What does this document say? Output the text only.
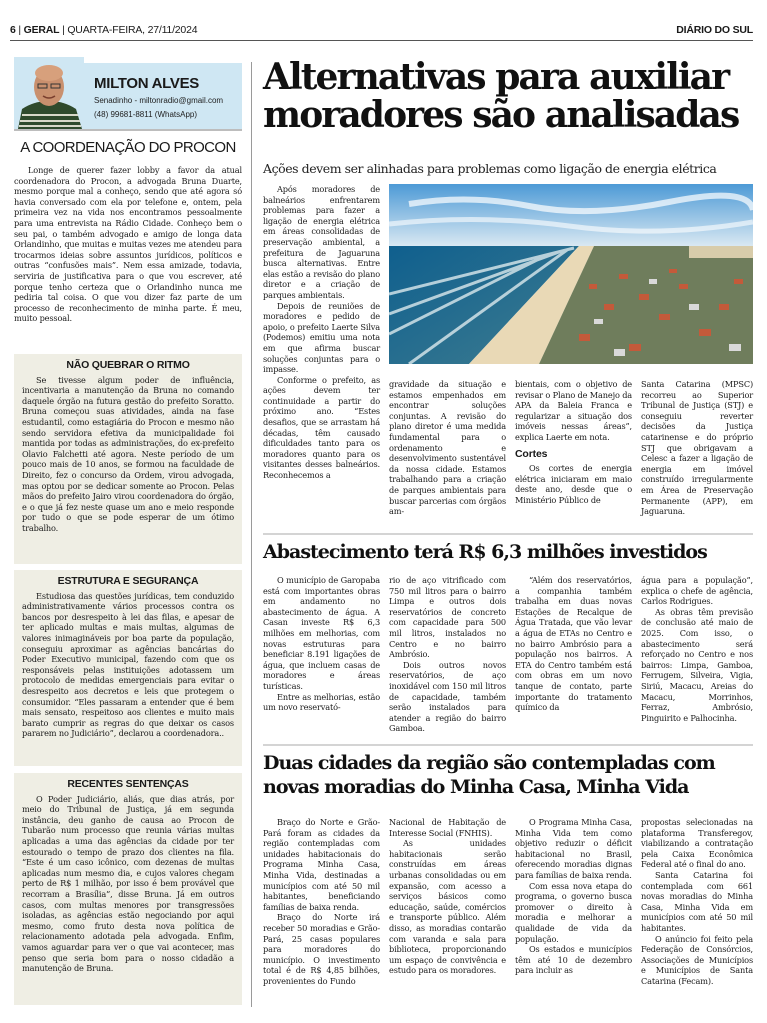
6 | GERAL | QUARTA-FEIRA, 27/11/2024	DIÁRIO DO SUL
MILTON ALVES
Senadinho - miltonradio@gmail.com
(48) 99681-8811 (WhatsApp)
A COORDENAÇÃO DO PROCON

Longe de querer fazer lobby a favor da atual coordenadora do Procon, a advogada Bruna Duarte, mesmo porque mal a conheço, sendo que até agora só havia conversado com ela por telefone e, ontem, pela primeira vez na vida nos encontramos pessoalmente para uma entrevista na Rádio Cidade. Conheço bem o seu pai, o também advogado e amigo de longa data Orlandinho, que muitas e muitas vezes me atendeu para trocarmos ideias sobre assuntos jurídicos, políticos e outras “confusões mais”. Nem essa amizade, todavia, serviria de justificativa para o que vou escrever, até porque tenho certeza que o Orlandinho nunca me pediria tal coisa. O que vou dizer faz parte de um processo de reconhecimento de minha parte. É meu, muito pessoal.

NÃO QUEBRAR O RITMO

Se tivesse algum poder de influência, incentivaria a manutenção da Bruna no comando daquele órgão na futura gestão do prefeito Soratto. Bruna começou suas atividades, ainda na fase estudantil, como estagiária do Procon e mesmo não sendo servidora efetiva da municipalidade foi mantida por todas as administrações, do ex-prefeito Olavio Falchetti até agora. Neste período de um pouco mais de 10 anos, se formou na faculdade de Direito, fez o concurso da Ordem, virou advogada, mas optou por se dedicar somente ao Procon. Pelas mãos do prefeito Jairo virou coordenadora do órgão, e o que já fez neste quase um ano e meio responde por tudo o que se pode esperar de um ótimo trabalho.

ESTRUTURA E SEGURANÇA

Estudiosa das questões jurídicas, tem conduzido administrativamente vários processos contra os bancos por desrespeito à lei das filas, e apesar de ter aplicado multas e mais multas, algumas de valores inimagináveis por boa parte da população, conseguiu aproximar as agências bancárias do Poder Executivo municipal, fazendo com que os responsáveis pelas instituições adotassem um protocolo de medidas emergenciais para evitar o desrespeito aos decretos e leis que protegem o consumidor. “Eles passaram a entender que é bem mais sensato, respeitoso aos clientes e muito mais barato cumprir as regras do que deixar os casos pararem no Judiciário”, declarou a coordenadora..

RECENTES SENTENÇAS

O Poder Judiciário, aliás, que dias atrás, por meio do Tribunal de Justiça, já em segunda instância, deu ganho de causa ao Procon de Tubarão num processo que reunia várias multas aplicadas a uma das agências da cidade por ter estourado o tempo de prazo dos clientes na fila. “Este é um caso icônico, com dezenas de multas aplicadas num mesmo dia, e cujos valores chegam perto de R$ 1 milhão, por isso é bem provável que recorram a Brasília”, disse Bruna. Já em outros casos, com multas menores por transgressões isoladas, as agências estão negociando por aqui mesmo, como fruto desta nova política de relacionamento adotada pela advogada. Enfim, vamos aguardar para ver o que vai acontecer, mas penso que seria bom para o nosso cidadão a manutenção de Bruna.

Alternativas para auxiliar moradores são analisadas
Ações devem ser alinhadas para problemas como ligação de energia elétrica

Após moradores de balneários enfrentarem problemas para fazer a ligação de energia elétrica em áreas consolidadas de preservação ambiental, a prefeitura de Jaguaruna busca alternativas. Entre elas estão a revisão do plano diretor e a criação de parques ambientais.

Depois de reuniões de moradores e pedido de apoio, o prefeito Laerte Silva (Podemos) emitiu uma nota em que afirma buscar soluções conjuntas para o impasse.

Conforme o prefeito, as ações devem ter continuidade a partir do próximo ano. “Estes desafios, que se arrastam há décadas, têm causado dificuldades tanto para os moradores quanto para os visitantes desses balneários. Reconhecemos a

gravidade da situação e estamos empenhados em encontrar soluções conjuntas. A revisão do plano diretor é uma medida fundamental para o ordenamento e desenvolvimento sustentável da nossa cidade. Estamos trabalhando para a criação de parques ambientais para buscar parcerias com órgãos am-

bientais, com o objetivo de revisar o Plano de Manejo da APA da Baleia Franca e regularizar a situação dos imóveis nessas áreas”, explica Laerte em nota.

Cortes

Os cortes de energia elétrica iniciaram em maio deste ano, desde que o Ministério Público de

Santa Catarina (MPSC) recorreu ao Superior Tribunal de Justiça (STJ) e conseguiu reverter decisões da Justiça catarinense e do próprio STJ que obrigavam a Celesc a fazer a ligação de energia em imóvel construído irregularmente em Área de Preservação Permanente (APP), em Jaguaruna.

Abastecimento terá R$ 6,3 milhões investidos

O município de Garopaba está com importantes obras em andamento no abastecimento de água. A Casan investe R$ 6,3 milhões em melhorias, com novas estruturas para beneficiar 8.191 ligações de água, que incluem casas de moradores e áreas turísticas.

Entre as melhorias, estão um novo reservató-

rio de aço vitrificado com 750 mil litros para o bairro Limpa e outros dois reservatórios de concreto com capacidade para 500 mil litros, instalados no Centro e no bairro Ambrósio.

Dois outros novos reservatórios, de aço inoxidável com 150 mil litros de capacidade, também serão instalados para atender a região do bairro Gamboa.

“Além dos reservatórios, a companhia também trabalha em duas novas Estações de Recalque de Água Tratada, que vão levar a água de ETAs no Centro e no bairro Ambrósio para a população nos bairros. A ETA do Centro também está com obras em um novo tanque de contato, parte importante do tratamento químico da

água para a população”, explica o chefe de agência, Carlos Rodrigues.

As obras têm previsão de conclusão até maio de 2025. Com isso, o abastecimento será reforçado no Centro e nos bairros: Limpa, Gamboa, Ferrugem, Silveira, Vigia, Siriú, Macacu, Areias do Macacu, Morrinhos, Ferraz, Ambrósio, Pinguirito e Palhocinha.

Duas cidades da região são contempladas com novas moradias do Minha Casa, Minha Vida

Braço do Norte e Grão-Pará foram as cidades da região contempladas com unidades habitacionais do Programa Minha Casa, Minha Vida, destinadas a municípios com até 50 mil habitantes, beneficiando famílias de baixa renda.

Braço do Norte irá receber 50 moradias e Grão-Pará, 25 casas populares para moradores do município. O investimento total é de R$ 4,85 bilhões, provenientes do Fundo

Nacional de Habitação de Interesse Social (FNHIS).

As unidades habitacionais serão construídas em áreas urbanas consolidadas ou em expansão, com acesso a serviços básicos como educação, saúde, comércios e transporte público. Além disso, as moradias contarão com varanda e sala para biblioteca, proporcionando um espaço de convivência e estudo para os moradores.

O Programa Minha Casa, Minha Vida tem como objetivo reduzir o déficit habitacional no Brasil, oferecendo moradias dignas para famílias de baixa renda.

Com essa nova etapa do programa, o governo busca promover o direito à moradia e melhorar a qualidade de vida da população.

Os estados e municípios têm até 10 de dezembro para incluir as

propostas selecionadas na plataforma Transferegov, viabilizando a contratação pela Caixa Econômica Federal até o final do ano.

Santa Catarina foi contemplada com 661 novas moradias do Minha Casa, Minha Vida em municípios com até 50 mil habitantes.

O anúncio foi feito pela Federação de Consórcios, Associações de Municípios e Municípios de Santa Catarina (Fecam).
